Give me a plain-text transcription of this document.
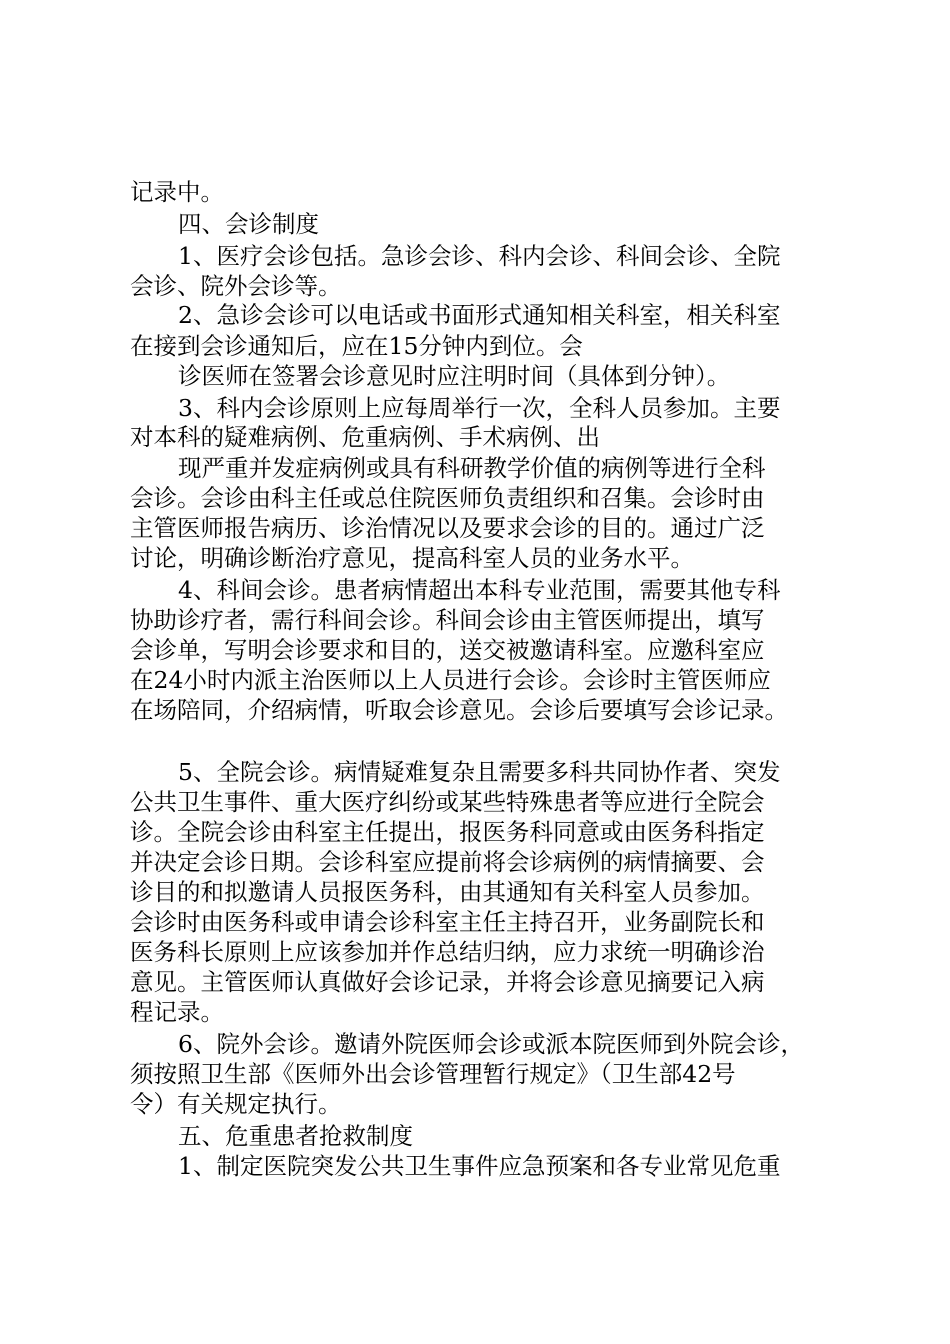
记录中。
四、会诊制度
1、医疗会诊包括。急诊会诊、科内会诊、科间会诊、全院
会诊、院外会诊等。
2、急诊会诊可以电话或书面形式通知相关科室，相关科室
在接到会诊通知后，应在15分钟内到位。会
诊医师在签署会诊意见时应注明时间（具体到分钟）。
3、科内会诊原则上应每周举行一次，全科人员参加。主要
对本科的疑难病例、危重病例、手术病例、出
现严重并发症病例或具有科研教学价值的病例等进行全科
会诊。会诊由科主任或总住院医师负责组织和召集。会诊时由
主管医师报告病历、诊治情况以及要求会诊的目的。通过广泛
讨论，明确诊断治疗意见，提高科室人员的业务水平。
4、科间会诊。患者病情超出本科专业范围，需要其他专科
协助诊疗者，需行科间会诊。科间会诊由主管医师提出，填写
会诊单，写明会诊要求和目的，送交被邀请科室。应邀科室应
在24小时内派主治医师以上人员进行会诊。会诊时主管医师应
在场陪同，介绍病情，听取会诊意见。会诊后要填写会诊记录。
5、全院会诊。病情疑难复杂且需要多科共同协作者、突发
公共卫生事件、重大医疗纠纷或某些特殊患者等应进行全院会
诊。全院会诊由科室主任提出，报医务科同意或由医务科指定
并决定会诊日期。会诊科室应提前将会诊病例的病情摘要、会
诊目的和拟邀请人员报医务科，由其通知有关科室人员参加。
会诊时由医务科或申请会诊科室主任主持召开，业务副院长和
医务科长原则上应该参加并作总结归纳，应力求统一明确诊治
意见。主管医师认真做好会诊记录，并将会诊意见摘要记入病
程记录。
6、院外会诊。邀请外院医师会诊或派本院医师到外院会诊，
须按照卫生部《医师外出会诊管理暂行规定》（卫生部42号
令）有关规定执行。
五、危重患者抢救制度
1、制定医院突发公共卫生事件应急预案和各专业常见危重
